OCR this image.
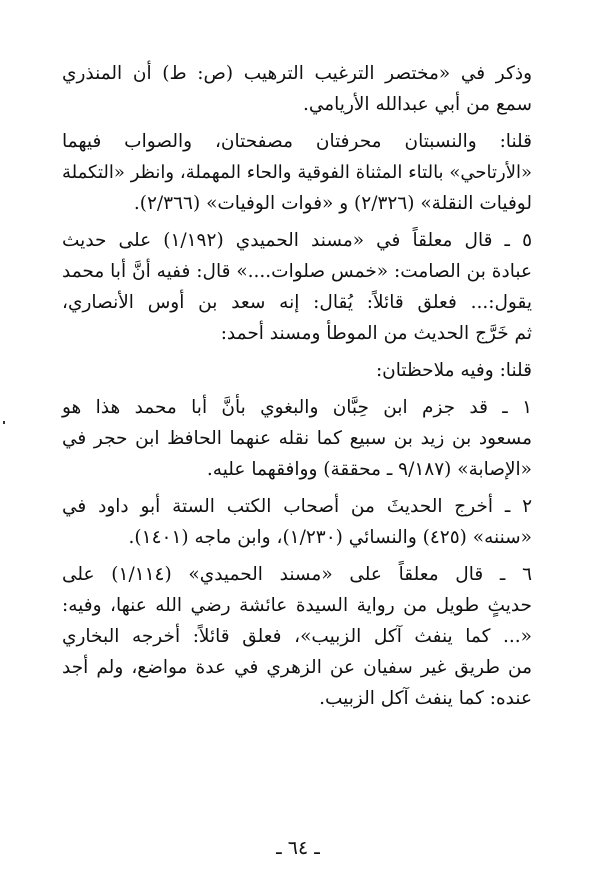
وذكر في «مختصر الترغيب الترهيب (ص: ط) أن المنذري
سمع من أبي عبدالله الأريامي.
قلنا: والنسبتان محرفتان مصفحتان، والصواب فيهما
«الأرتاحي» بالتاء المثناة الفوقية والحاء المهملة، وانظر «التكملة
لوفيات النقلة» (٢/٣٢٦) و «فوات الوفيات» (٢/٣٦٦).
٥ ـ قال معلقاً في «مسند الحميدي (١/١٩٢) على حديث
عبادة بن الصامت: «خمس صلوات....» قال: ففيه أنَّ أبا محمد
يقول:... فعلق قائلاً: يُقال: إنه سعد بن أوس الأنصاري،
ثم خَرَّج الحديث من الموطأ ومسند أحمد:
قلنا: وفيه ملاحظتان:
١ ـ قد جزم ابن حِبَّان والبغوي بأنَّ أبا محمد هذا هو
مسعود بن زيد بن سبيع كما نقله عنهما الحافظ ابن حجر في
«الإصابة» (٩/١٨٧ ـ محققة) ووافقهما عليه.
٢ ـ أخرج الحديثَ من أصحاب الكتب الستة أبو داود في
«سننه» (٤٢٥) والنسائي (١/٢٣٠)، وابن ماجه (١٤٠١).
٦ ـ قال معلقاً على «مسند الحميدي» (١/١١٤) على
حديثٍ طويل من رواية السيدة عائشة رضي الله عنها، وفيه:
«... كما ينفث آكل الزبيب»، فعلق قائلاً: أخرجه البخاري
من طريق غير سفيان عن الزهري في عدة مواضع، ولم أجد
عنده: كما ينفث آكل الزبيب.
ـ ٦٤ ـ
